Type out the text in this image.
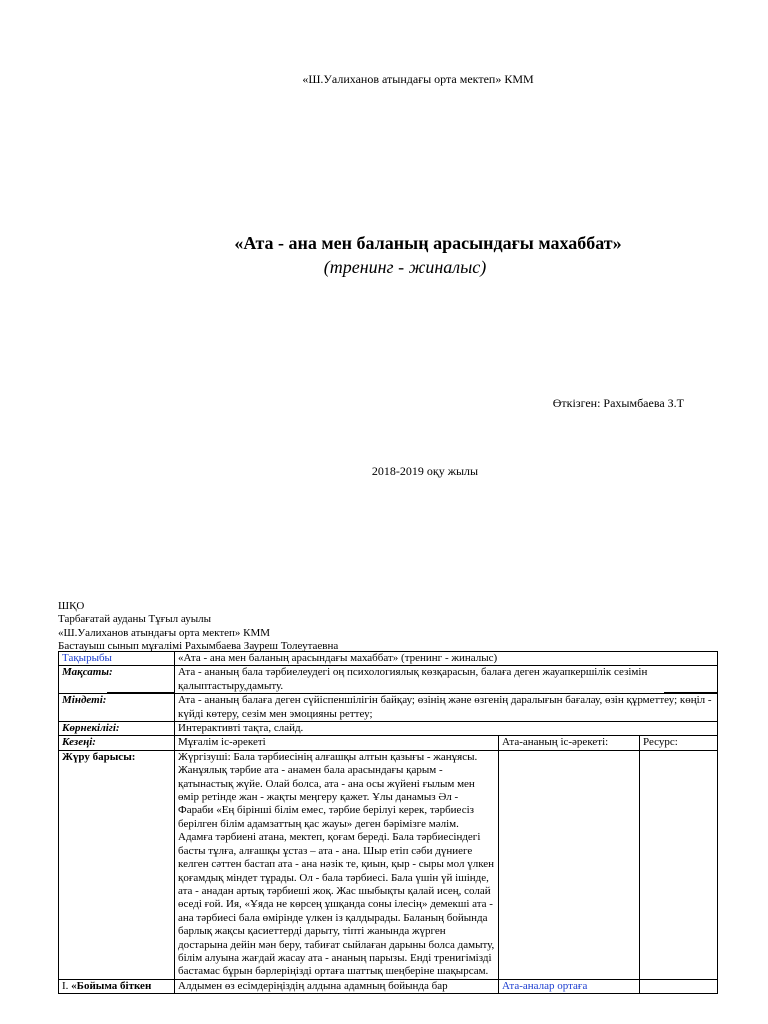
«Ш.Уалиханов атындағы орта мектеп» КММ
«Ата - ана мен баланың арасындағы махаббат»
(тренинг - жиналыс)
Өткізген: Рахымбаева З.Т
2018-2019 оқу жылы
ШҚО
Тарбағатай ауданы Тұғыл ауылы
«Ш.Уалиханов атындағы орта мектеп» КММ
Бастауыш сынып мұғалімі Рахымбаева Зауреш Толеутаевна
Тақырыбы	«Ата - ана мен баланың арасындағы махаббат» (тренинг - жиналыс)		
Мақсаты:	Ата - ананың бала тәрбиелеудегі оң психологиялық көзқарасын, балаға деген жауапкершілік сезімін қалыптастыру,дамыту.		
Міндеті:	Ата - ананың балаға деген сүйіспеншілігін байқау; өзінің және өзгенің даралығын бағалау, өзін құрметтеу; көңіл - күйді көтеру, сезім мен эмоцияны реттеу;		
Көрнекілігі:	Интерактивті тақта, слайд.		
Кезеңі:	Мұғалім іс-әрекеті	Ата-ананың іс-әрекеті:	Ресурс:
Жүру барысы:	Жүргізуші: Бала тәрбиесінің алғашқы алтын қазығы - жанұясы. Жанұялық тәрбие ата - анамен бала арасындағы қарым - қатынастық жүйе. Олай болса, ата - ана осы жүйені ғылым мен өмір ретінде жан - жақты меңгеру қажет. Ұлы данамыз Әл - Фараби «Ең бірінші білім емес, тәрбие берілуі керек, тәрбиесіз берілген білім адамзаттың қас жауы» деген бәрімізге мәлім. Адамға тәрбиені атана, мектеп, қоғам береді. Бала тәрбиесіндегі басты тұлға, алғашқы ұстаз – ата - ана. Шыр етіп сәби дүниеге келген сәттен бастап ата - ана нәзік те, қиын, қыр - сыры мол үлкен қоғамдық міндет тұрады. Ол - бала тәрбиесі. Бала үшін үй ішінде, ата - анадан артық тәрбиеші жоқ. Жас шыбықты қалай исең, солай өседі ғой. Ия, «Ұяда не көрсең ұшқанда соны ілесің» демекші ата - ана тәрбиесі бала өмірінде үлкен із қалдырады. Баланың бойында барлық жақсы қасиеттерді дарыту, тіпті жанында жүрген достарына дейін мән беру, табиғат сыйлаған дарыны болса дамыту, білім алуына жағдай жасау ата - ананың парызы. Енді тренигімізді бастамас бұрын бәрлеріңізді ортаға шаттық шеңберіне шақырсам.		
I. «Бойыма біткен	Алдымен өз есімдеріңіздің алдына адамның бойында бар	Ата-аналар ортаға	
